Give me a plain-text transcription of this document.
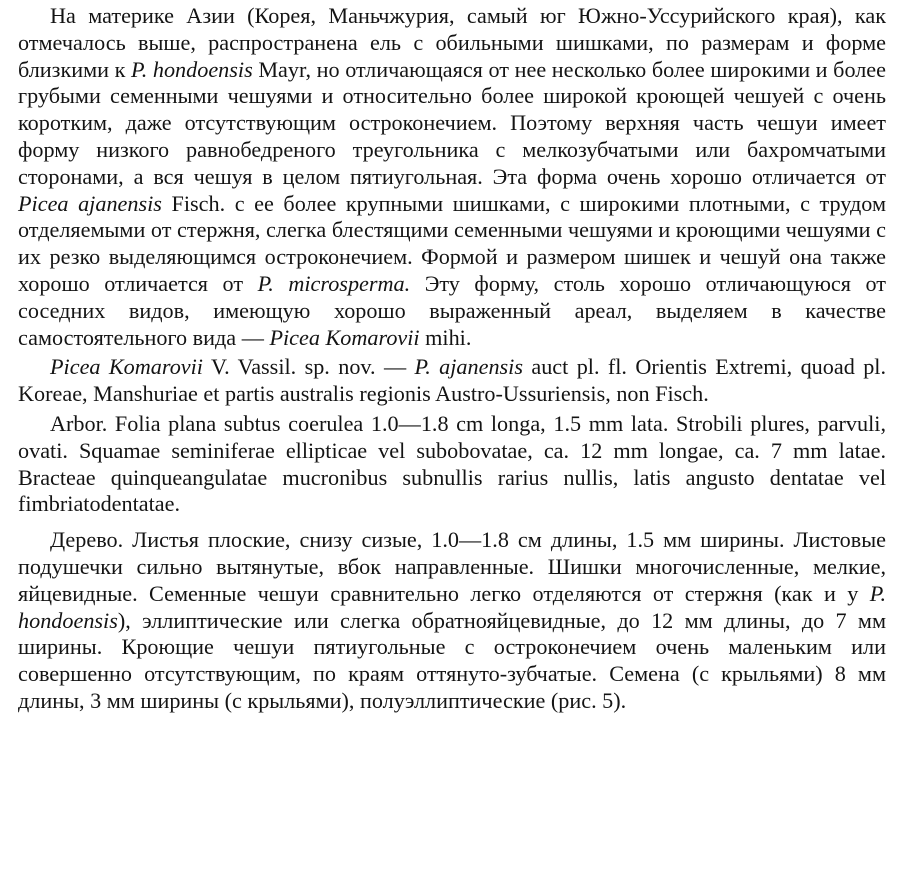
На материке Азии (Корея, Маньчжурия, самый юг Южно-Уссурийского края), как отмечалось выше, распространена ель с обильными шишками, по размерам и форме близкими к P. hondoensis Mayr, но отличающаяся от нее несколько более широкими и более грубыми семенными чешуями и относительно более широкой кроющей чешуей с очень коротким, даже отсутствующим остроконечием. Поэтому верхняя часть чешуи имеет форму низкого равнобедреного треугольника с мелкозубчатыми или бахромчатыми сторонами, а вся чешуя в целом пятиугольная. Эта форма очень хорошо отличается от Picea ajanensis Fisch. с ее более крупными шишками, с широкими плотными, с трудом отделяемыми от стержня, слегка блестящими семенными чешуями и кроющими чешуями с их резко выделяющимся остроконечием. Формой и размером шишек и чешуй она также хорошо отличается от P. microsperma. Эту форму, столь хорошо отличающуюся от соседних видов, имеющую хорошо выраженный ареал, выделяем в качестве самостоятельного вида — Picea Komarovii mihi.

Picea Komarovii V. Vassil. sp. nov. — P. ajanensis auct pl. fl. Orientis Extremi, quoad pl. Koreae, Manshuriae et partis australis regionis Austro-Ussuriensis, non Fisch.

Arbor. Folia plana subtus coerulea 1.0—1.8 cm longa, 1.5 mm lata. Strobili plures, parvuli, ovati. Squamae seminiferae ellipticae vel subobovatae, ca. 12 mm longae, ca. 7 mm latae. Bracteae quinqueangulatae mucronibus subnullis rarius nullis, latis angusto dentatae vel fimbriatodentatae.

Дерево. Листья плоские, снизу сизые, 1.0—1.8 см длины, 1.5 мм ширины. Листовые подушечки сильно вытянутые, вбок направленные. Шишки многочисленные, мелкие, яйцевидные. Семенные чешуи сравнительно легко отделяются от стержня (как и у P. hondoensis), эллиптические или слегка обратнояйцевидные, до 12 мм длины, до 7 мм ширины. Кроющие чешуи пятиугольные с остроконечием очень маленьким или совершенно отсутствующим, по краям оттянуто-зубчатые. Семена (с крыльями) 8 мм длины, 3 мм ширины (с крыльями), полуэллиптические (рис. 5).
